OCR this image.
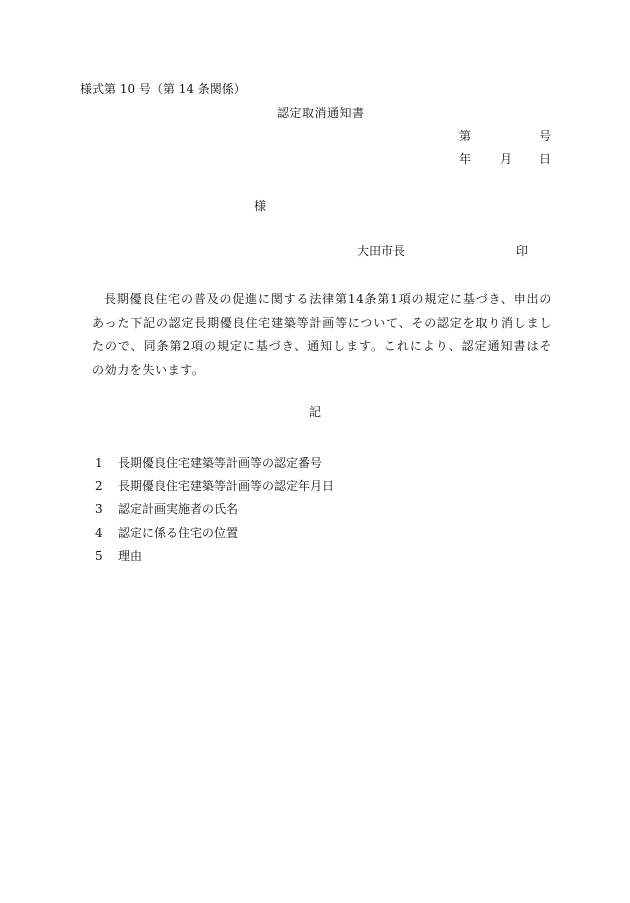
様式第 10 号（第 14 条関係）
認定取消通知書
第	号
年 月 日
様
大田市長	印
長期優良住宅の普及の促進に関する法律第14条第1項の規定に基づき、申出のあった下記の認定長期優良住宅建築等計画等について、その認定を取り消しましたので、同条第2項の規定に基づき、通知します。これにより、認定通知書はその効力を失います。
記
1	長期優良住宅建築等計画等の認定番号
2	長期優良住宅建築等計画等の認定年月日
3	認定計画実施者の氏名
4	認定に係る住宅の位置
5	理由
